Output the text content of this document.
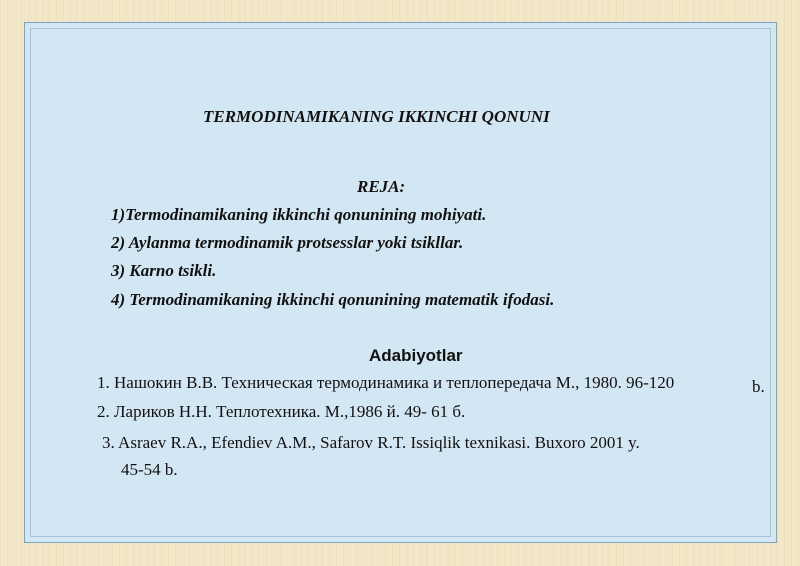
TERMODINAMIKANING IKKINCHI QONUNI
REJA:
1)Termodinamikaning ikkinchi qonunining mohiyati.
2) Aylanma termodinamik protsesslar yoki tsikllar.
3) Karno tsikli.
4) Termodinamikaning ikkinchi qonunining matematik ifodasi.
Adabiyotlar
1. Нашокин В.В. Техническая термодинамика и теплопередача М., 1980. 96-120	b.
2. Лариков Н.Н. Теплотехника. М.,1986 й. 49- 61 б.
3. Asraev R.A., Efendiev A.M., Safarov R.T. Issiqlik texnikasi. Buxoro 2001 y.
45-54 b.
